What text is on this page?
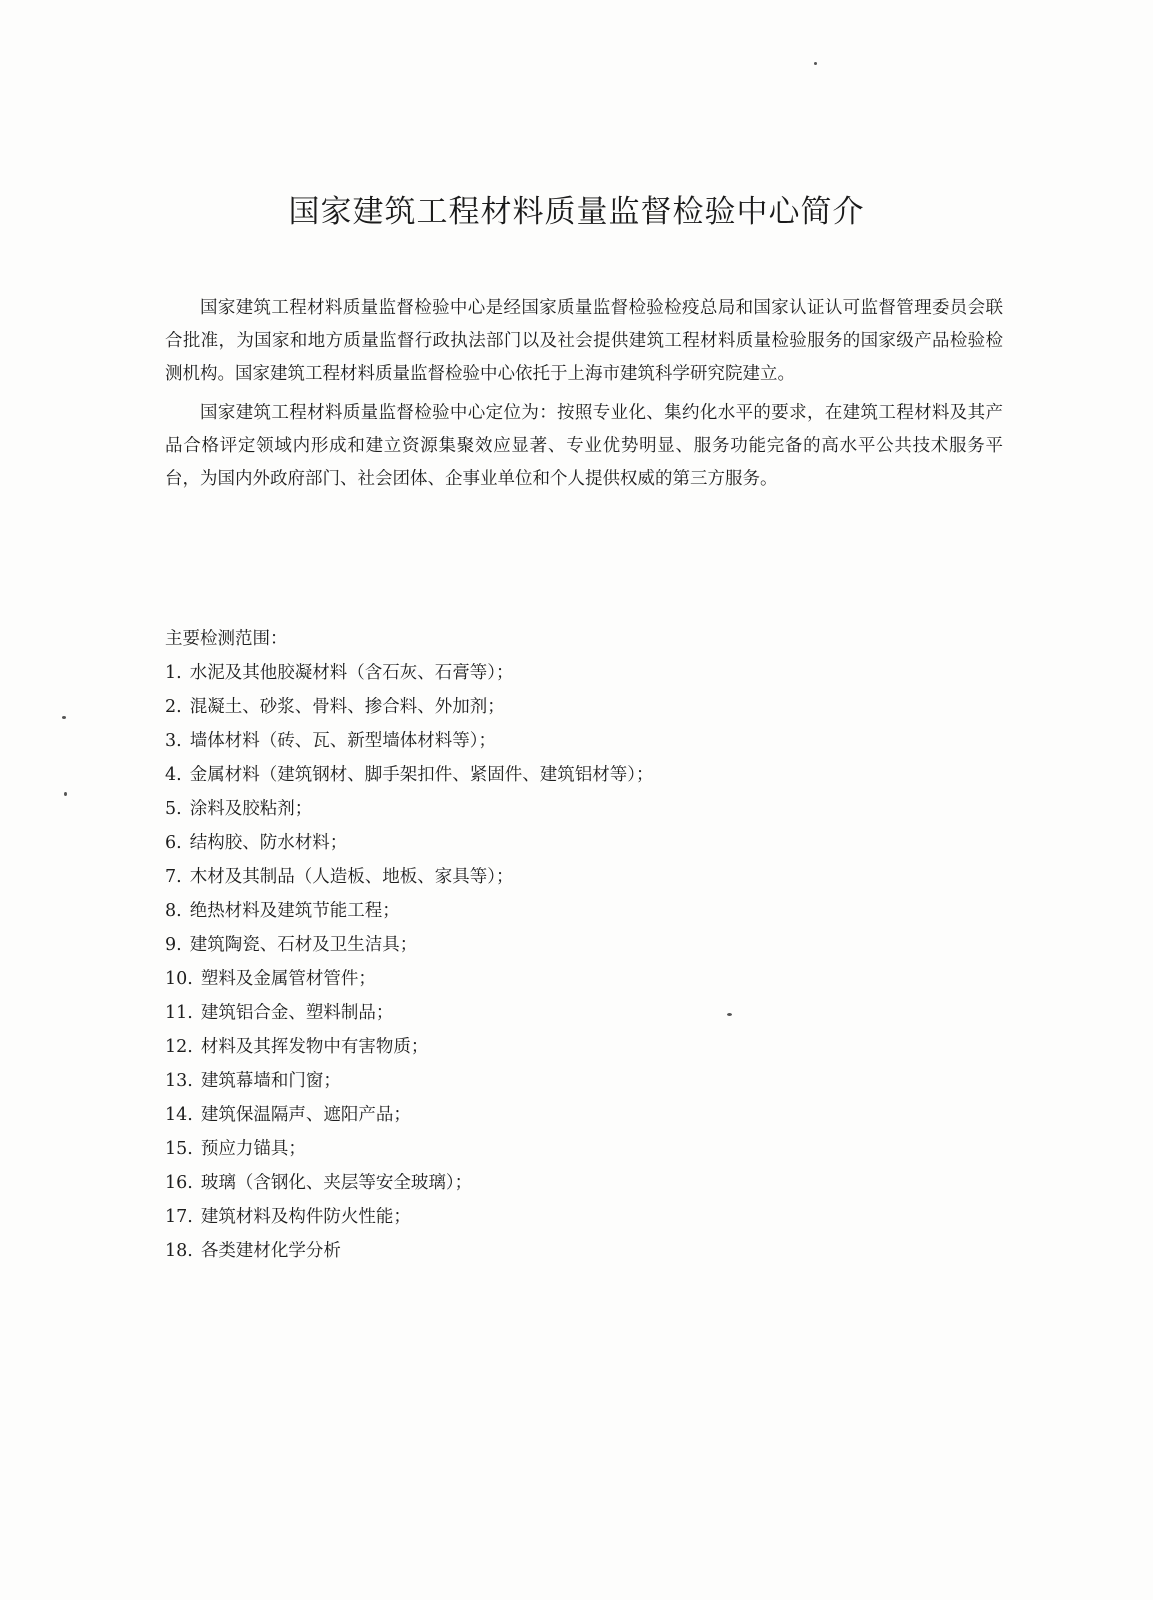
国家建筑工程材料质量监督检验中心简介

国家建筑工程材料质量监督检验中心是经国家质量监督检验检疫总局和国家认证认可监督管理委员会联合批准，为国家和地方质量监督行政执法部门以及社会提供建筑工程材料质量检验服务的国家级产品检验检测机构。国家建筑工程材料质量监督检验中心依托于上海市建筑科学研究院建立。

国家建筑工程材料质量监督检验中心定位为：按照专业化、集约化水平的要求，在建筑工程材料及其产品合格评定领域内形成和建立资源集聚效应显著、专业优势明显、服务功能完备的高水平公共技术服务平台，为国内外政府部门、社会团体、企事业单位和个人提供权威的第三方服务。

主要检测范围：
1. 水泥及其他胶凝材料（含石灰、石膏等）；
2. 混凝土、砂浆、骨料、掺合料、外加剂；
3. 墙体材料（砖、瓦、新型墙体材料等）；
4. 金属材料（建筑钢材、脚手架扣件、紧固件、建筑铝材等）；
5. 涂料及胶粘剂；
6. 结构胶、防水材料；
7. 木材及其制品（人造板、地板、家具等）；
8. 绝热材料及建筑节能工程；
9. 建筑陶瓷、石材及卫生洁具；
10. 塑料及金属管材管件；
11. 建筑铝合金、塑料制品；
12. 材料及其挥发物中有害物质；
13. 建筑幕墙和门窗；
14. 建筑保温隔声、遮阳产品；
15. 预应力锚具；
16. 玻璃（含钢化、夹层等安全玻璃）；
17. 建筑材料及构件防火性能；
18. 各类建材化学分析
